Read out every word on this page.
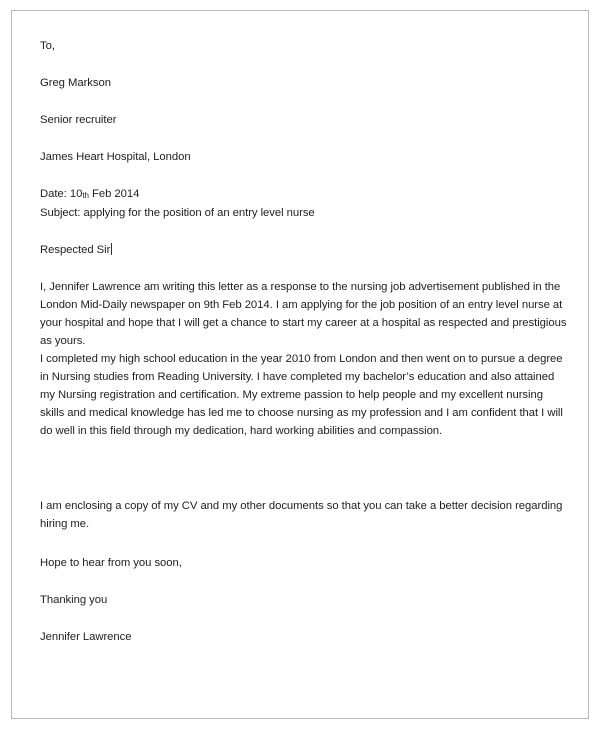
To,
Greg Markson
Senior recruiter
James Heart Hospital, London
Date: 10th Feb 2014
Subject: applying for the position of an entry level nurse
Respected Sir

I, Jennifer Lawrence am writing this letter as a response to the nursing job advertisement published in the London Mid-Daily newspaper on 9th Feb 2014. I am applying for the job position of an entry level nurse at your hospital and hope that I will get a chance to start my career at a hospital as respected and prestigious as yours.

I completed my high school education in the year 2010 from London and then went on to pursue a degree in Nursing studies from Reading University. I have completed my bachelor’s education and also attained my Nursing registration and certification. My extreme passion to help people and my excellent nursing skills and medical knowledge has led me to choose nursing as my profession and I am confident that I will do well in this field through my dedication, hard working abilities and compassion.

I am enclosing a copy of my CV and my other documents so that you can take a better decision regarding hiring me.

Hope to hear from you soon,
Thanking you
Jennifer Lawrence
